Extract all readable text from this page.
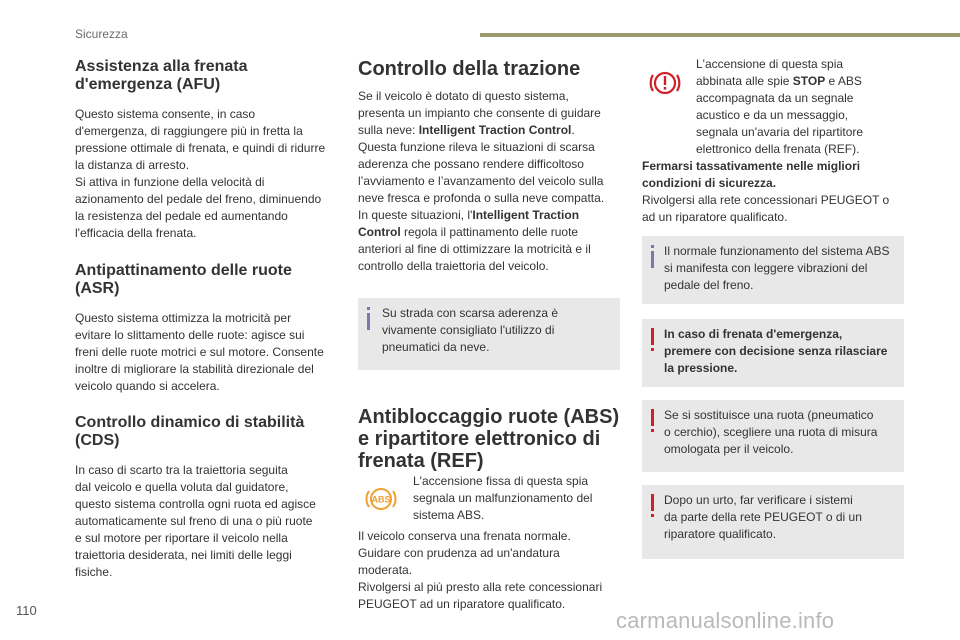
Sicurezza
Assistenza alla frenata
d'emergenza (AFU)

Questo sistema consente, in caso
d'emergenza, di raggiungere più in fretta la
pressione ottimale di frenata, e quindi di ridurre
la distanza di arresto.
Si attiva in funzione della velocità di
azionamento del pedale del freno, diminuendo
la resistenza del pedale ed aumentando
l'efficacia della frenata.

Antipattinamento delle ruote
(ASR)

Questo sistema ottimizza la motricità per
evitare lo slittamento delle ruote: agisce sui
freni delle ruote motrici e sul motore. Consente
inoltre di migliorare la stabilità direzionale del
veicolo quando si accelera.

Controllo dinamico di stabilità
(CDS)

In caso di scarto tra la traiettoria seguita
dal veicolo e quella voluta dal guidatore,
questo sistema controlla ogni ruota ed agisce
automaticamente sul freno di una o più ruote
e sul motore per riportare il veicolo nella
traiettoria desiderata, nei limiti delle leggi
fisiche.

Controllo della trazione

Se il veicolo è dotato di questo sistema,
presenta un impianto che consente di guidare
sulla neve: Intelligent Traction Control.

Questa funzione rileva le situazioni di scarsa
aderenza che possano rendere difficoltoso
l’avviamento e l’avanzamento del veicolo sulla
neve fresca e profonda o sulla neve compatta.
In queste situazioni, l'Intelligent Traction
Control regola il pattinamento delle ruote
anteriori al fine di ottimizzare la motricità e il
controllo della traiettoria del veicolo.

Su strada con scarsa aderenza è
vivamente consigliato l'utilizzo di
pneumatici da neve.
Antibloccaggio ruote (ABS)
e ripartitore elettronico di
frenata (REF)
ABS

L'accensione fissa di questa spia
segnala un malfunzionamento del
sistema ABS.

Il veicolo conserva una frenata normale.
Guidare con prudenza ad un'andatura
moderata.
Rivolgersi al più presto alla rete concessionari
PEUGEOT ad un riparatore qualificato.

L'accensione di questa spia
abbinata alle spie STOP e ABS
accompagnata da un segnale
acustico e da un messaggio,
segnala un'avaria del ripartitore
elettronico della frenata (REF).

Fermarsi tassativamente nelle migliori
condizioni di sicurezza.

Rivolgersi alla rete concessionari PEUGEOT o
ad un riparatore qualificato.

Il normale funzionamento del sistema ABS
si manifesta con leggere vibrazioni del
pedale del freno.
In caso di frenata d'emergenza,
premere con decisione senza rilasciare
la pressione.
Se si sostituisce una ruota (pneumatico
o cerchio), scegliere una ruota di misura
omologata per il veicolo.
Dopo un urto, far verificare i sistemi
da parte della rete PEUGEOT o di un
riparatore qualificato.
110	carmanualsonline.info
